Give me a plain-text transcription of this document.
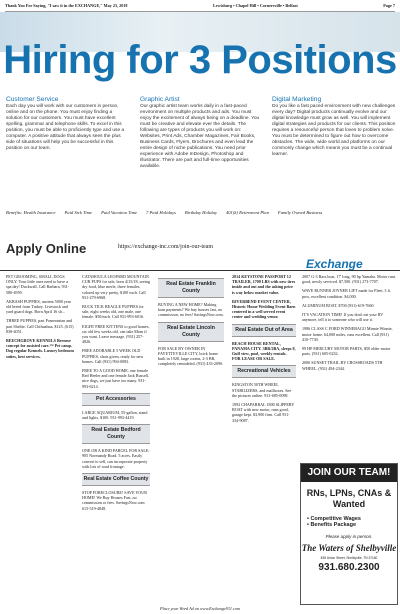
Thank You For Saying, "I saw it in the EXCHANGE," May 23, 2018	Lewisburg • Chapel Hill • Cornersville • Belfast	Page 7
Hiring for 3 Positions
Customer Service

Each day you will work with our customers in person, online and on the phone. You must enjoy finding a solution for our customers. You must have excellent spelling, grammar and telephone skills. To excel in this position, you must be able to proficiently type and use a computer. A positive attitude that always sees the plus side of situations will help you be successful in this position on our team.

Graphic Artist

Our graphic artist team works daily in a fast-paced environment on multiple products and ads. You must enjoy the excitement of always being on a deadline. You must be creative and elevate ever the details. The following are types of products you will work on: Websites, Print Ads, Chamber Magazines, Fair Books, Business Cards, Flyers, Brochures and even lead the entire design of niche publications. You need prior experience with Adobe InDesign, Photoshop and Illustrator. There are part and full-time opportunities available.

Digital Marketing

Do you like a fast paced environment with new challenges every day? Digital products continually evolve and our digital knowledge must grow as well. You will implement digital strategies and products for our clients. This position requires a resourceful person that loves to problem solve. You must be determined to figure out how to overcome obstacles. The wide, wide world and platforms on our commonly change which means you must be a continual learner.

Benefits: Health Insurance Paid Sick Time Paid Vacation Time 7 Paid Holidays Birthday Holiday 401(k) Retirement Plan Family Owned Business
Apply Online	https://exchange-inc.com/join-our-team
Exchange

PET GROOMING, SMALL DOGS ONLY. Your little ones need to have a spa day! Duckwall, Call Barbara, 931-580-4959.

AKBASH PUPPIES, ancient 5000 year old breed from Turkey. Livestock and yard guard dogs. Born April 16 sh...

THREE PUPPIES, part Pomeranian and part Sheltie. Call Chihuahua, $125. (615) 838-4051.

BEECHGROVE KENNELS Bernese concept for assisted care.™ Pet camp. Dog regular Kennels. Luxury bedroom suites, best services.

CATAHOULA LEOPARD MOUNTAIN CUR PUPS for sale, born 4/15/18, seeing dry food, blue merle, three females, colored up very pretty, $100 each. Call 931-279-6968.

BUCK TICK BEAGLE PUPPIES for sale, eight weeks old, one male, one female. $50/each. Call 931-993-6016.

EIGHT FREE KITTENS to good homes, six old few weeks old, can take Mom if you want. Leave message. (931) 257-4826.

FREE ADORABLE 5 WEEK OLD PUPPIES, shots given, ready for new homes. Call (931) 994-0083.

FREE TO A GOOD HOME, one female Red Heeler and one female Jack Russell, nice dogs, we just have too many. 931-993-6214.

Pet Accessories

LARGE AQUARIUM, 55-gallon, stand and lights. $100. 931-993-4419.

Real Estate Bedford County

ONE OR A KIND PARCEL FOR SALE: 905 Normandy Road. 5 acres. Easily convert to sell, can incorporate property with lots of road frontage.

Real Estate Coffee County

STOP FORECLOSURE! SAVE YOUR HOME! We Buy Houses Fast, no commission or fees. SavingsNow.com 615-519-4848.

Real Estate Franklin County

BUYING A NEW HOME? Making loan payments? We buy houses fast, no commission, no fees! SavingsNow.com.

Real Estate Lincoln County

FOR SALE BY OWNER IN FAYETTEVILLE CITY, brick home built in 1928, large rooms, 2-3 BR, completely remodeled, (931) 433-2090.

2014 KEYSTONE PASSPORT 12 TRAILER, 1700 LBS with new tires inside and out and the asking price is way below market value.

RIVERBEND EVENT CENTER, Historic Home Wedding Event Barn centered in a well served event center and wedding venue.

Real Estate Out of Area

BEACH HOUSE RENTAL, PANAMA CITY. 3BR/2BA, sleeps 8, Gulf view, pool, weekly rentals. FOR LEASE OR SALE.

Recreational Vehicles

KINGSTON 50TH WHEEL STABILIZERS, and mailboxes. See the pictures online. 931-685-0098.

1992 CHAPARRAL 1800 SLIPPERY BOAT with new motor, runs good, garage kept. $3,900 firm. Call 931-334-9087.

2007 G-3 Bass boat, 17' long, 90 hp Yamaha. Motor runs good, newly serviced. $7,500. (931) 273-7707.

WAVE RUNNER JOYNER LIFT made for Fleet, 3 ft. pros, excellent condition. $4,000.

ALUMINUM BOAT, $700 (931)-619-7660

IT'S VACATION TIME! If you don't eat your RV anymore, tell it to someone who will use it.

1986 CLASS C FORD WINNEBAGO Minnie Winnie, motor home, 64,000 miles, runs excellent. Call (931) 410-7730.

99 HP MERCURY MOTOR PARTS, $50 older motor parts. (931) 605-0232.

2000 SUNSET TRAIL BY CROSSROADS 5TH WHEEL. (931) 494-2344.

JOIN OUR TEAM!
RNs, LPNs, CNAs & Wanted
• Competitive Wages
• Benefits Package
Please apply in person.
The Waters of Shelbyville
835 Union Street, Shelbyville, TN 37160
931.680.2300
Place your Word Ad on www.Exchange931.com
